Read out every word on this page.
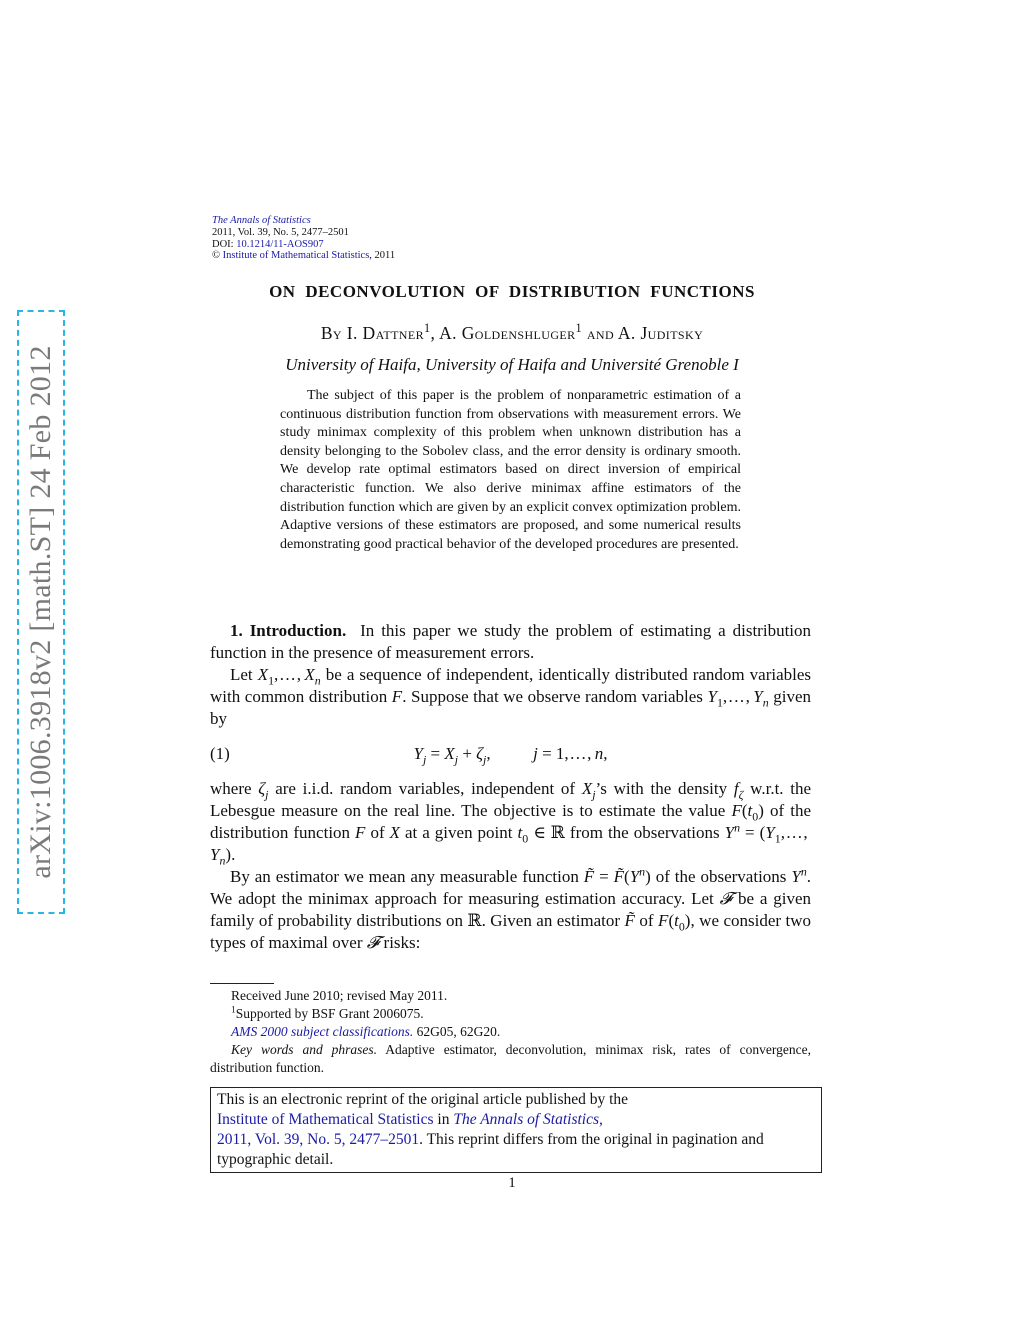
arXiv:1006.3918v2 [math.ST] 24 Feb 2012
The Annals of Statistics
2011, Vol. 39, No. 5, 2477–2501
DOI: 10.1214/11-AOS907
© Institute of Mathematical Statistics, 2011
ON DECONVOLUTION OF DISTRIBUTION FUNCTIONS
By I. Dattner$^1$, A. Goldenshluger$^1$ and A. Juditsky
University of Haifa, University of Haifa and Université Grenoble I
The subject of this paper is the problem of nonparametric estimation of a continuous distribution function from observations with measurement errors. We study minimax complexity of this problem when unknown distribution has a density belonging to the Sobolev class, and the error density is ordinary smooth. We develop rate optimal estimators based on direct inversion of empirical characteristic function. We also derive minimax affine estimators of the distribution function which are given by an explicit convex optimization problem. Adaptive versions of these estimators are proposed, and some numerical results demonstrating good practical behavior of the developed procedures are presented.

1. Introduction. In this paper we study the problem of estimating a distribution function in the presence of measurement errors.

Let $X_1$, . . . , $X_n$ be a sequence of independent, identically distributed random variables with common distribution F. Suppose that we observe random variables $Y_1$, . . . , $Y_n$ given by

(1)	$Y_j = X_j + \zeta_j$,   j = 1, . . . , n,

where $\zeta_j$ are i.i.d. random variables, independent of $X_j’s$ with the density $f_\zeta$ w.r.t. the Lebesgue measure on the real line. The objective is to estimate the value $F(t_0)$ of the distribution function F of X at a given point $t_0$ ∈ ℝ from the observations $Y^n = (Y_1$, . . . , $Y_n$).

By an estimator we mean any measurable function F̃ = $F̃(Y^n)$ of the observations $Y^n$. We adopt the minimax approach for measuring estimation accuracy. Let 𝓕 be a given family of probability distributions on ℝ. Given an estimator F̃ of $F(t_0)$, we consider two types of maximal over 𝓕 risks:

Received June 2010; revised May 2011.

$^1$Supported by BSF Grant 2006075.

AMS 2000 subject classifications. 62G05, 62G20.

Key words and phrases. Adaptive estimator, deconvolution, minimax risk, rates of convergence, distribution function.

This is an electronic reprint of the original article published by the
Institute of Mathematical Statistics in The Annals of Statistics,
2011, Vol. 39, No. 5, 2477–2501. This reprint differs from the original in pagination and typographic detail.
1
